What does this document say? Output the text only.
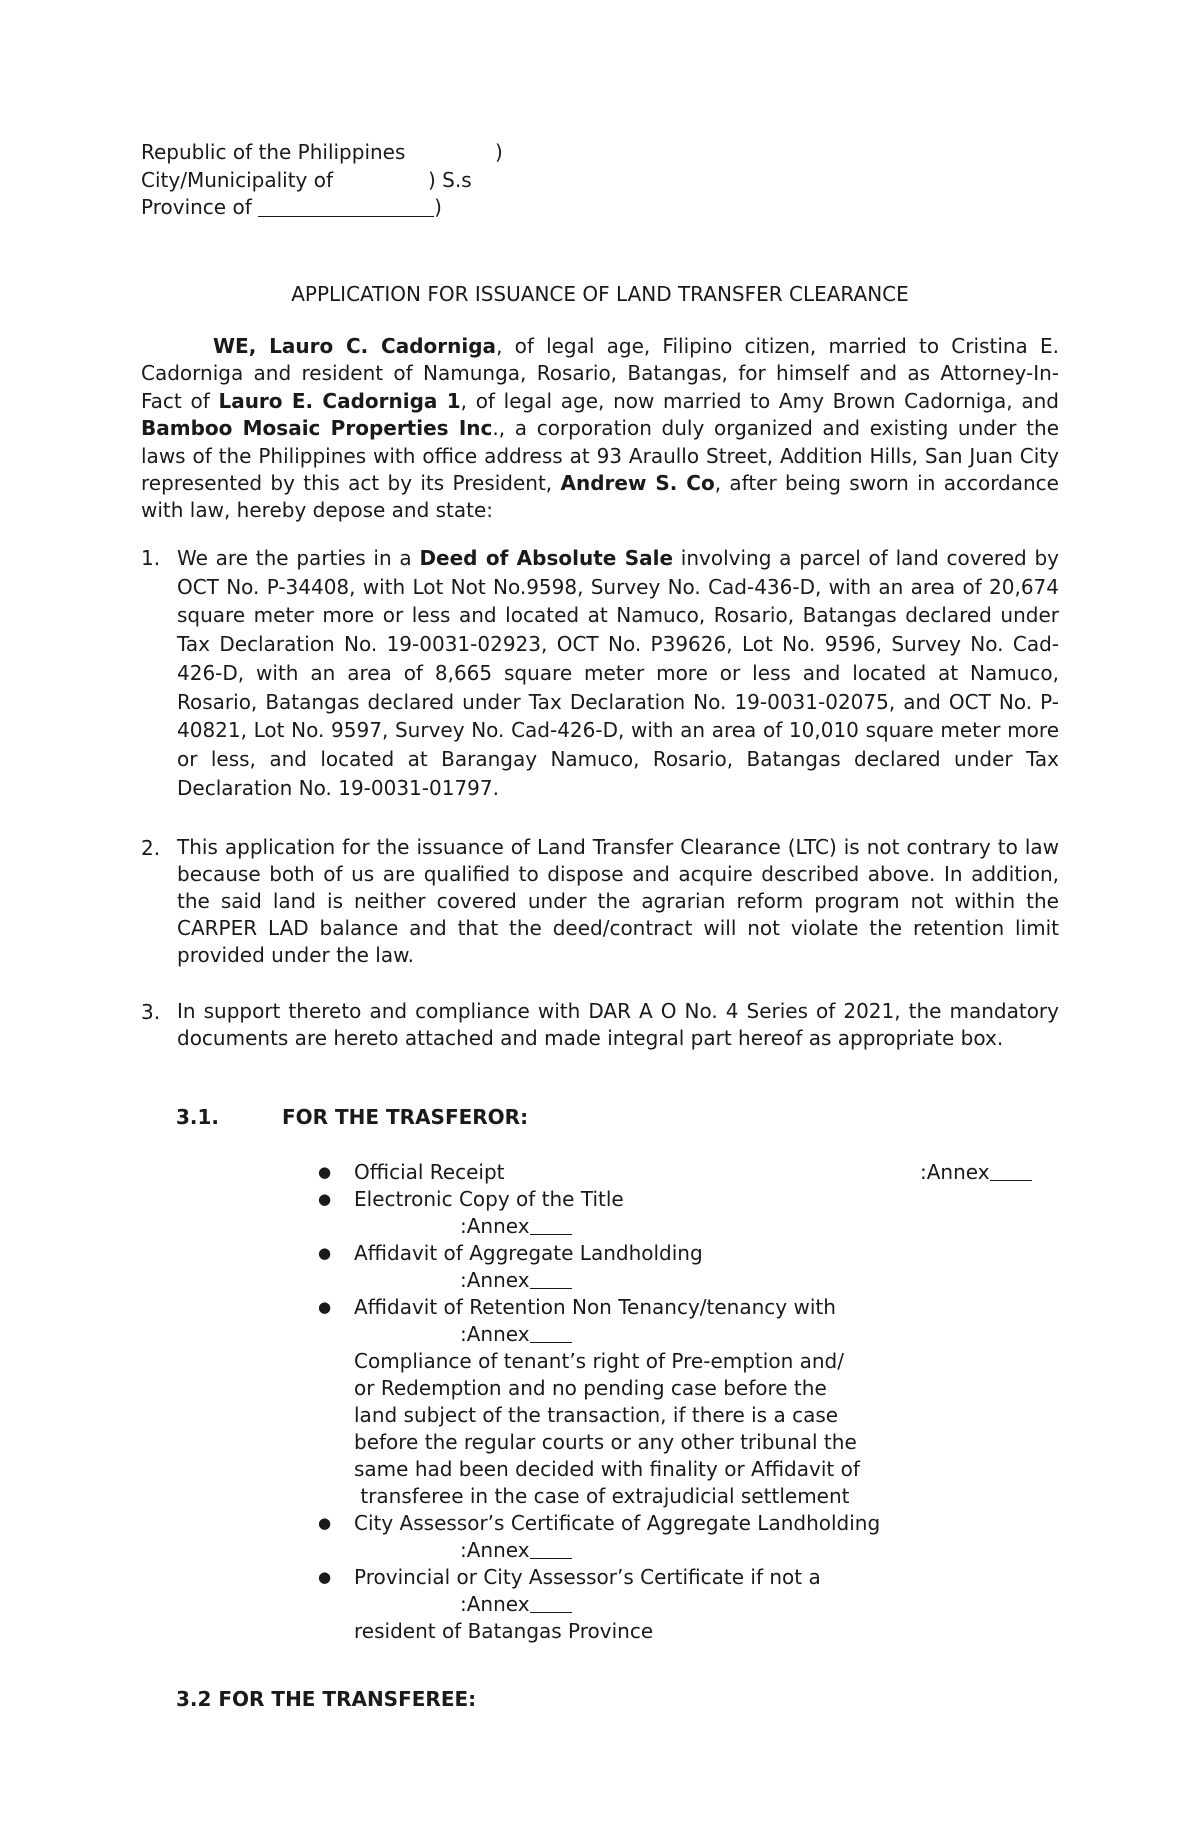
Republic of the Philippines	)
City/Municipality of	) S.s
Province of	)
APPLICATION FOR ISSUANCE OF LAND TRANSFER CLEARANCE
WE, Lauro C. Cadorniga, of legal age, Filipino citizen, married to Cristina E. Cadorniga and resident of Namunga, Rosario, Batangas, for himself and as Attorney-In- Fact of Lauro E. Cadorniga 1, of legal age, now married to Amy Brown Cadorniga, and Bamboo Mosaic Properties Inc., a corporation duly organized and existing under the laws of the Philippines with office address at 93 Araullo Street, Addition Hills, San Juan City represented by this act by its President, Andrew S. Co, after being sworn in accordance with law, hereby depose and state:
1. We are the parties in a Deed of Absolute Sale involving a parcel of land covered by OCT No. P-34408, with Lot Not No.9598, Survey No. Cad-436-D, with an area of 20,674 square meter more or less and located at Namuco, Rosario, Batangas declared under Tax Declaration No. 19-0031-02923, OCT No. P39626, Lot No. 9596, Survey No. Cad-426-D, with an area of 8,665 square meter more or less and located at Namuco, Rosario, Batangas declared under Tax Declaration No. 19-0031-02075, and OCT No. P-40821, Lot No. 9597, Survey No. Cad-426-D, with an area of 10,010 square meter more or less, and located at Barangay Namuco, Rosario, Batangas declared under Tax Declaration No. 19-0031-01797.
2. This application for the issuance of Land Transfer Clearance (LTC) is not contrary to law because both of us are qualified to dispose and acquire described above. In addition, the said land is neither covered under the agrarian reform program not within the CARPER LAD balance and that the deed/contract will not violate the retention limit provided under the law.
3. In support thereto and compliance with DAR A O No. 4 Series of 2021, the mandatory documents are hereto attached and made integral part hereof as appropriate box.
3.1.	FOR THE TRASFEROR:
● Official Receipt	:Annex
● Electronic Copy of the Title
:Annex
● Affidavit of Aggregate Landholding
:Annex
● Affidavit of Retention Non Tenancy/tenancy with
:Annex
Compliance of tenant’s right of Pre-emption and/
or Redemption and no pending case before the
land subject of the transaction, if there is a case
before the regular courts or any other tribunal the
same had been decided with finality or Affidavit of
transferee in the case of extrajudicial settlement
● City Assessor’s Certificate of Aggregate Landholding
:Annex
● Provincial or City Assessor’s Certificate if not a
:Annex
resident of Batangas Province
3.2 FOR THE TRANSFEREE:
